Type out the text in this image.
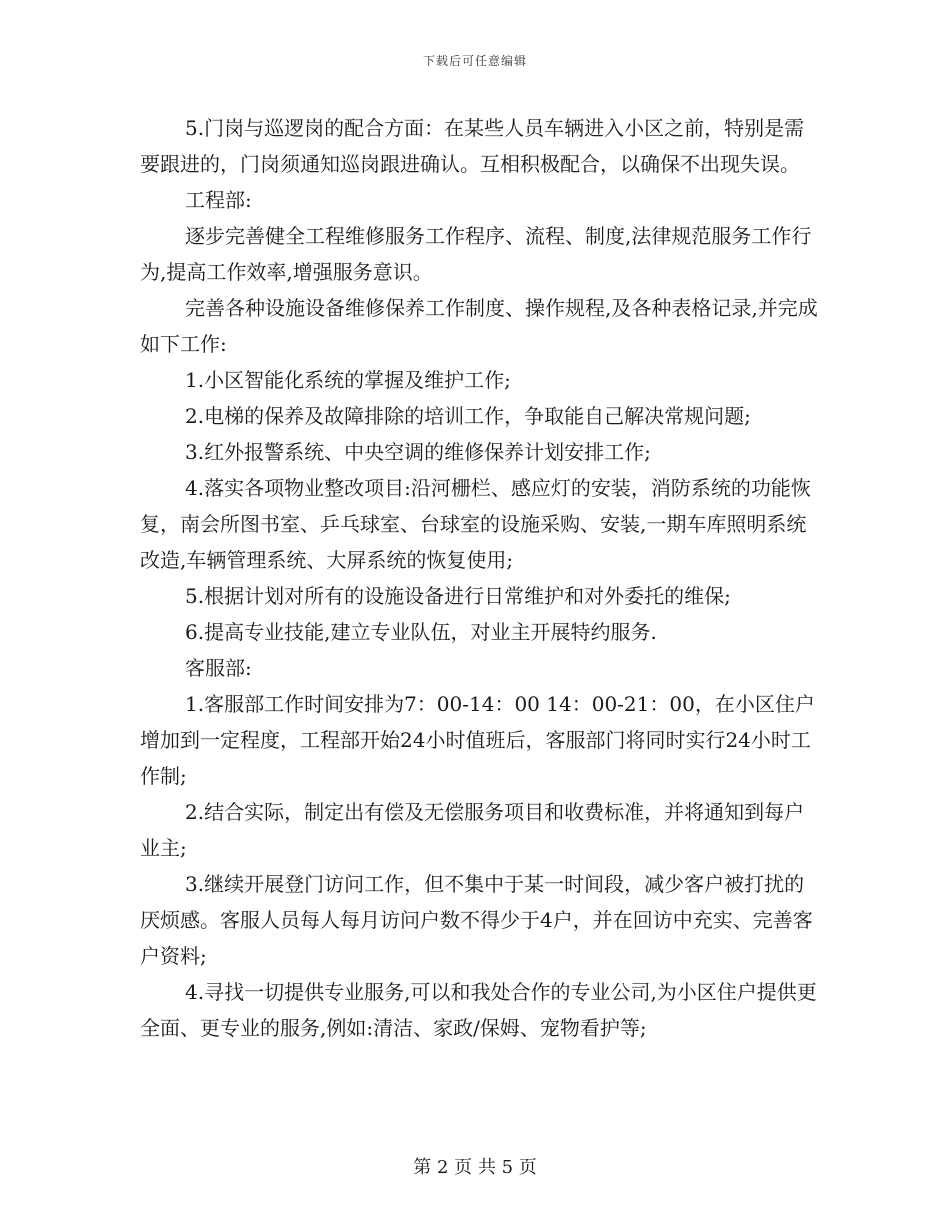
下载后可任意编辑

5.门岗与巡逻岗的配合方面：在某些人员车辆进入小区之前，特别是需要跟进的，门岗须通知巡岗跟进确认。互相积极配合，以确保不出现失误。

工程部:

逐步完善健全工程维修服务工作程序、流程、制度,法律规范服务工作行为,提高工作效率,增强服务意识。

完善各种设施设备维修保养工作制度、操作规程,及各种表格记录,并完成如下工作:

1.小区智能化系统的掌握及维护工作;

2.电梯的保养及故障排除的培训工作，争取能自己解决常规问题;

3.红外报警系统、中央空调的维修保养计划安排工作;

4.落实各项物业整改项目:沿河栅栏、感应灯的安装，消防系统的功能恢复，南会所图书室、乒乓球室、台球室的设施采购、安装,一期车库照明系统改造,车辆管理系统、大屏系统的恢复使用;

5.根据计划对所有的设施设备进行日常维护和对外委托的维保;

6.提高专业技能,建立专业队伍，对业主开展特约服务.

客服部:

1.客服部工作时间安排为7：00-14：00 14：00-21：00，在小区住户增加到一定程度，工程部开始24小时值班后，客服部门将同时实行24小时工作制;

2.结合实际，制定出有偿及无偿服务项目和收费标准，并将通知到每户业主;

3.继续开展登门访问工作，但不集中于某一时间段，减少客户被打扰的厌烦感。客服人员每人每月访问户数不得少于4户，并在回访中充实、完善客户资料;

4.寻找一切提供专业服务,可以和我处合作的专业公司,为小区住户提供更全面、更专业的服务,例如:清洁、家政/保姆、宠物看护等;

第 2 页 共 5 页
